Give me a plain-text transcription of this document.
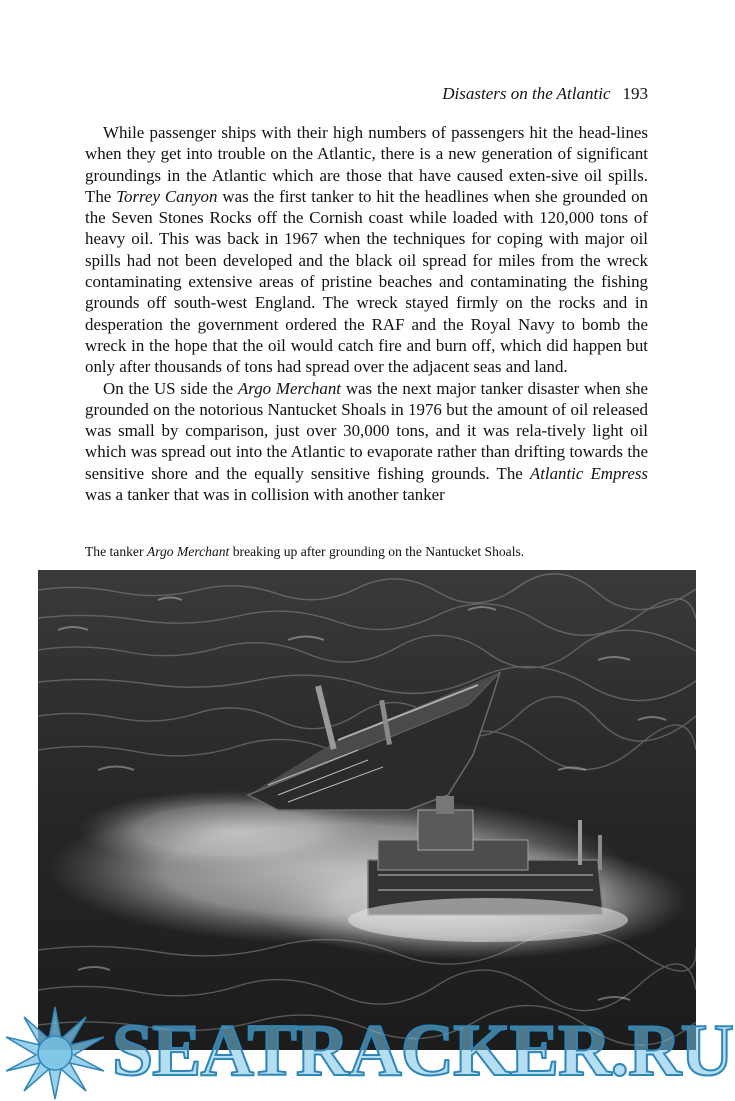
Disasters on the Atlantic 193

While passenger ships with their high numbers of passengers hit the head-lines when they get into trouble on the Atlantic, there is a new generation of significant groundings in the Atlantic which are those that have caused exten-sive oil spills. The Torrey Canyon was the first tanker to hit the headlines when she grounded on the Seven Stones Rocks off the Cornish coast while loaded with 120,000 tons of heavy oil. This was back in 1967 when the techniques for coping with major oil spills had not been developed and the black oil spread for miles from the wreck contaminating extensive areas of pristine beaches and contaminating the fishing grounds off south-west England. The wreck stayed firmly on the rocks and in desperation the government ordered the RAF and the Royal Navy to bomb the wreck in the hope that the oil would catch fire and burn off, which did happen but only after thousands of tons had spread over the adjacent seas and land.

On the US side the Argo Merchant was the next major tanker disaster when she grounded on the notorious Nantucket Shoals in 1976 but the amount of oil released was small by comparison, just over 30,000 tons, and it was rela-tively light oil which was spread out into the Atlantic to evaporate rather than drifting towards the sensitive shore and the equally sensitive fishing grounds. The Atlantic Empress was a tanker that was in collision with another tanker

The tanker Argo Merchant breaking up after grounding on the Nantucket Shoals.
SEATRACKER.RU
